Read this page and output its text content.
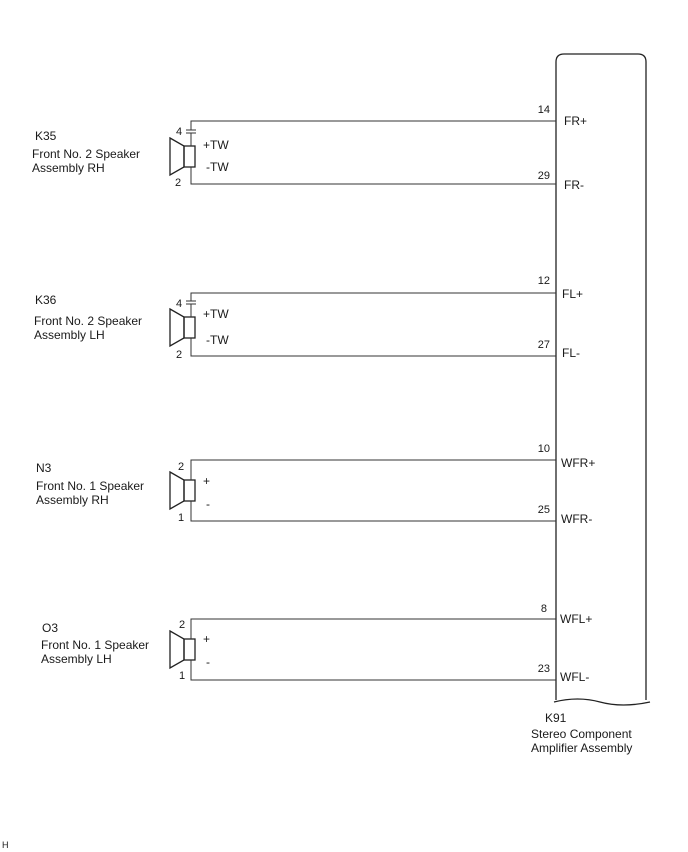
K91
Stereo Component
Amplifier Assembly
K35
Front No. 2 Speaker
Assembly RH
4
2
+TW
-TW
14
FR+
29
FR-
K36
Front No. 2 Speaker
Assembly LH
4
2
+TW
-TW
12
FL+
27
FL-
N3
Front No. 1 Speaker
Assembly RH
2
1
+
-
10
WFR+
25
WFR-
O3
Front No. 1 Speaker
Assembly LH
2
1
+
-
8
WFL+
23
WFL-
H
